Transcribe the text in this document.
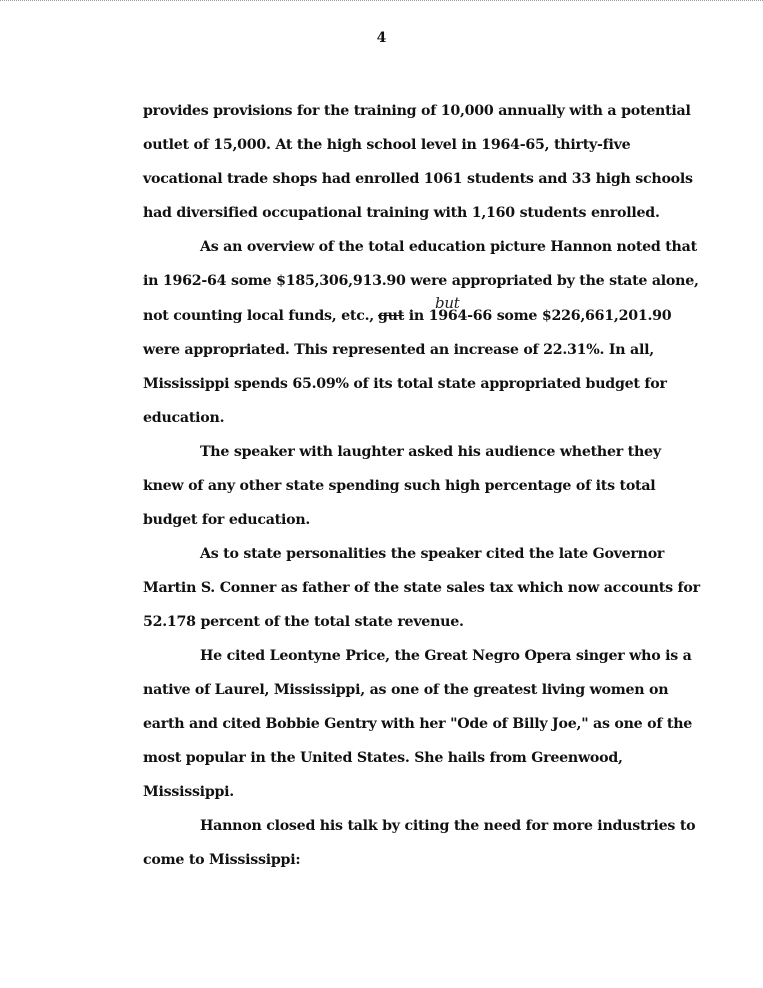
4

provides provisions for the training of 10,000 annually with a potential outlet of 15,000. At the high school level in 1964-65, thirty-five vocational trade shops had enrolled 1061 students and 33 high schools had diversified occupational training with 1,160 students enrolled.

As an overview of the total education picture Hannon noted that in 1962-64 some $185,306,913.90 were appropriated by the state alone, not counting local funds, etc.,butgut in 1964-66 some $226,661,201.90 were appropriated. This represented an increase of 22.31%. In all, Mississippi spends 65.09% of its total state appropriated budget for education.

The speaker with laughter asked his audience whether they knew of any other state spending such high percentage of its total budget for education.

As to state personalities the speaker cited the late Governor Martin S. Conner as father of the state sales tax which now accounts for 52.178 percent of the total state revenue.

He cited Leontyne Price, the Great Negro Opera singer who is a native of Laurel, Mississippi, as one of the greatest living women on earth and cited Bobbie Gentry with her "Ode of Billy Joe," as one of the most popular in the United States. She hails from Greenwood, Mississippi.

Hannon closed his talk by citing the need for more industries to come to Mississippi:
